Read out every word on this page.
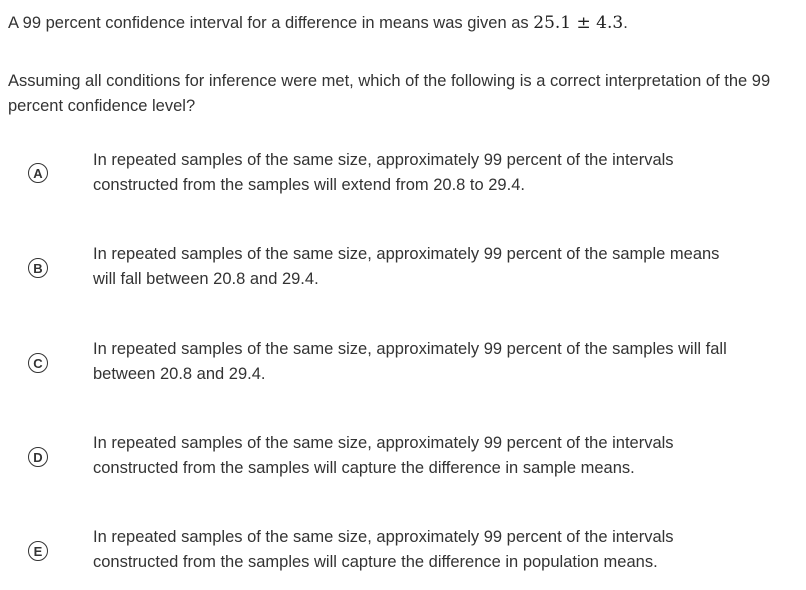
A 99 percent confidence interval for a difference in means was given as 25.1 ± 4.3.
Assuming all conditions for inference were met, which of the following is a correct interpretation of the 99 percent confidence level?
A
In repeated samples of the same size, approximately 99 percent of the intervals
constructed from the samples will extend from 20.8 to 29.4.
B
In repeated samples of the same size, approximately 99 percent of the sample means
will fall between 20.8 and 29.4.
C
In repeated samples of the same size, approximately 99 percent of the samples will fall
between 20.8 and 29.4.
D
In repeated samples of the same size, approximately 99 percent of the intervals
constructed from the samples will capture the difference in sample means.
E
In repeated samples of the same size, approximately 99 percent of the intervals
constructed from the samples will capture the difference in population means.
